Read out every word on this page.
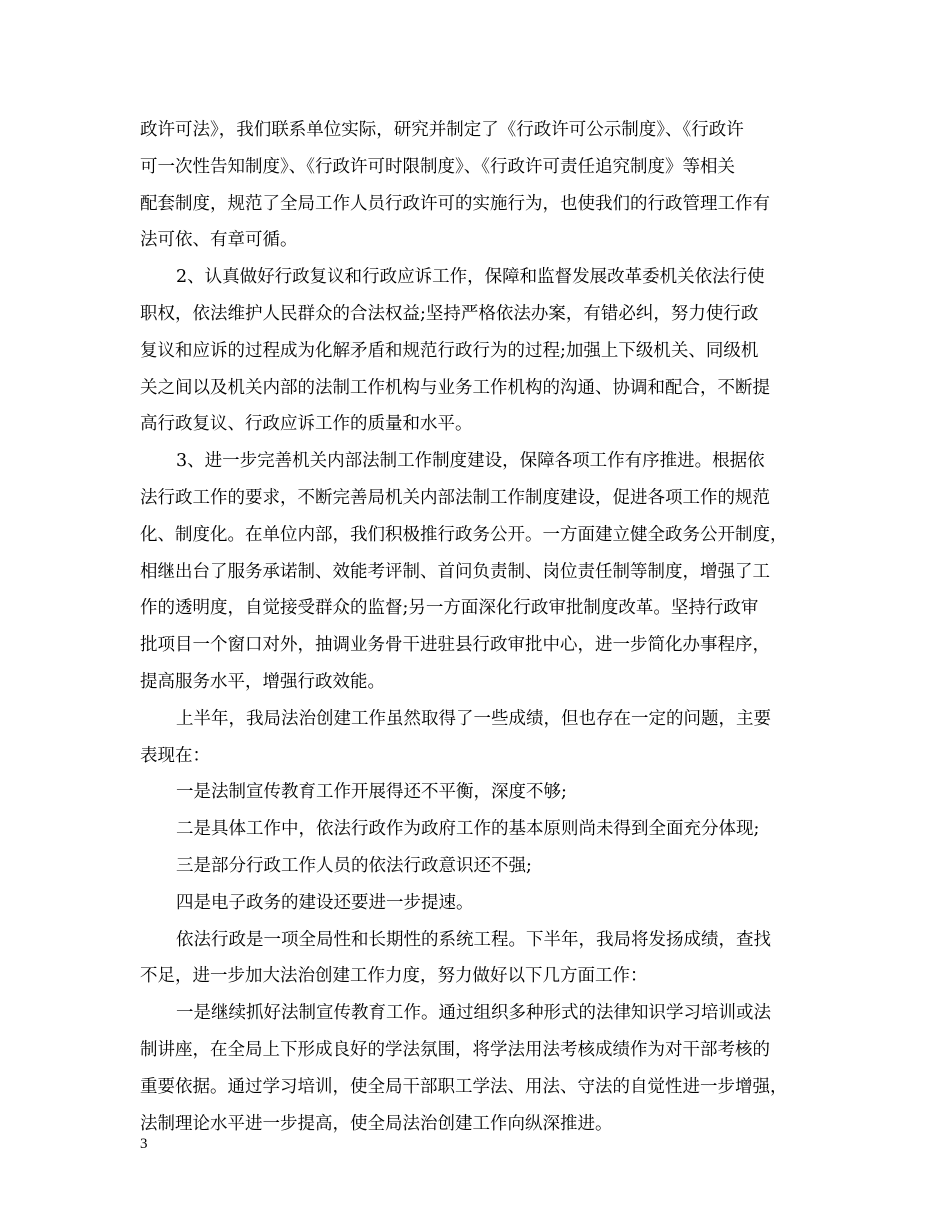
政许可法》，我们联系单位实际，研究并制定了《行政许可公示制度》、《行政许
可一次性告知制度》、《行政许可时限制度》、《行政许可责任追究制度》等相关
配套制度，规范了全局工作人员行政许可的实施行为，也使我们的行政管理工作有
法可依、有章可循。
2、认真做好行政复议和行政应诉工作，保障和监督发展改革委机关依法行使
职权，依法维护人民群众的合法权益;坚持严格依法办案，有错必纠，努力使行政
复议和应诉的过程成为化解矛盾和规范行政行为的过程;加强上下级机关、同级机
关之间以及机关内部的法制工作机构与业务工作机构的沟通、协调和配合，不断提
高行政复议、行政应诉工作的质量和水平。
3、进一步完善机关内部法制工作制度建设，保障各项工作有序推进。根据依
法行政工作的要求，不断完善局机关内部法制工作制度建设，促进各项工作的规范
化、制度化。在单位内部，我们积极推行政务公开。一方面建立健全政务公开制度，
相继出台了服务承诺制、效能考评制、首问负责制、岗位责任制等制度，增强了工
作的透明度，自觉接受群众的监督;另一方面深化行政审批制度改革。坚持行政审
批项目一个窗口对外，抽调业务骨干进驻县行政审批中心，进一步简化办事程序，
提高服务水平，增强行政效能。
上半年，我局法治创建工作虽然取得了一些成绩，但也存在一定的问题，主要
表现在：
一是法制宣传教育工作开展得还不平衡，深度不够;
二是具体工作中，依法行政作为政府工作的基本原则尚未得到全面充分体现;
三是部分行政工作人员的依法行政意识还不强;
四是电子政务的建设还要进一步提速。
依法行政是一项全局性和长期性的系统工程。下半年，我局将发扬成绩，查找
不足，进一步加大法治创建工作力度，努力做好以下几方面工作：
一是继续抓好法制宣传教育工作。通过组织多种形式的法律知识学习培训或法
制讲座，在全局上下形成良好的学法氛围，将学法用法考核成绩作为对干部考核的
重要依据。通过学习培训，使全局干部职工学法、用法、守法的自觉性进一步增强，
法制理论水平进一步提高，使全局法治创建工作向纵深推进。
3
